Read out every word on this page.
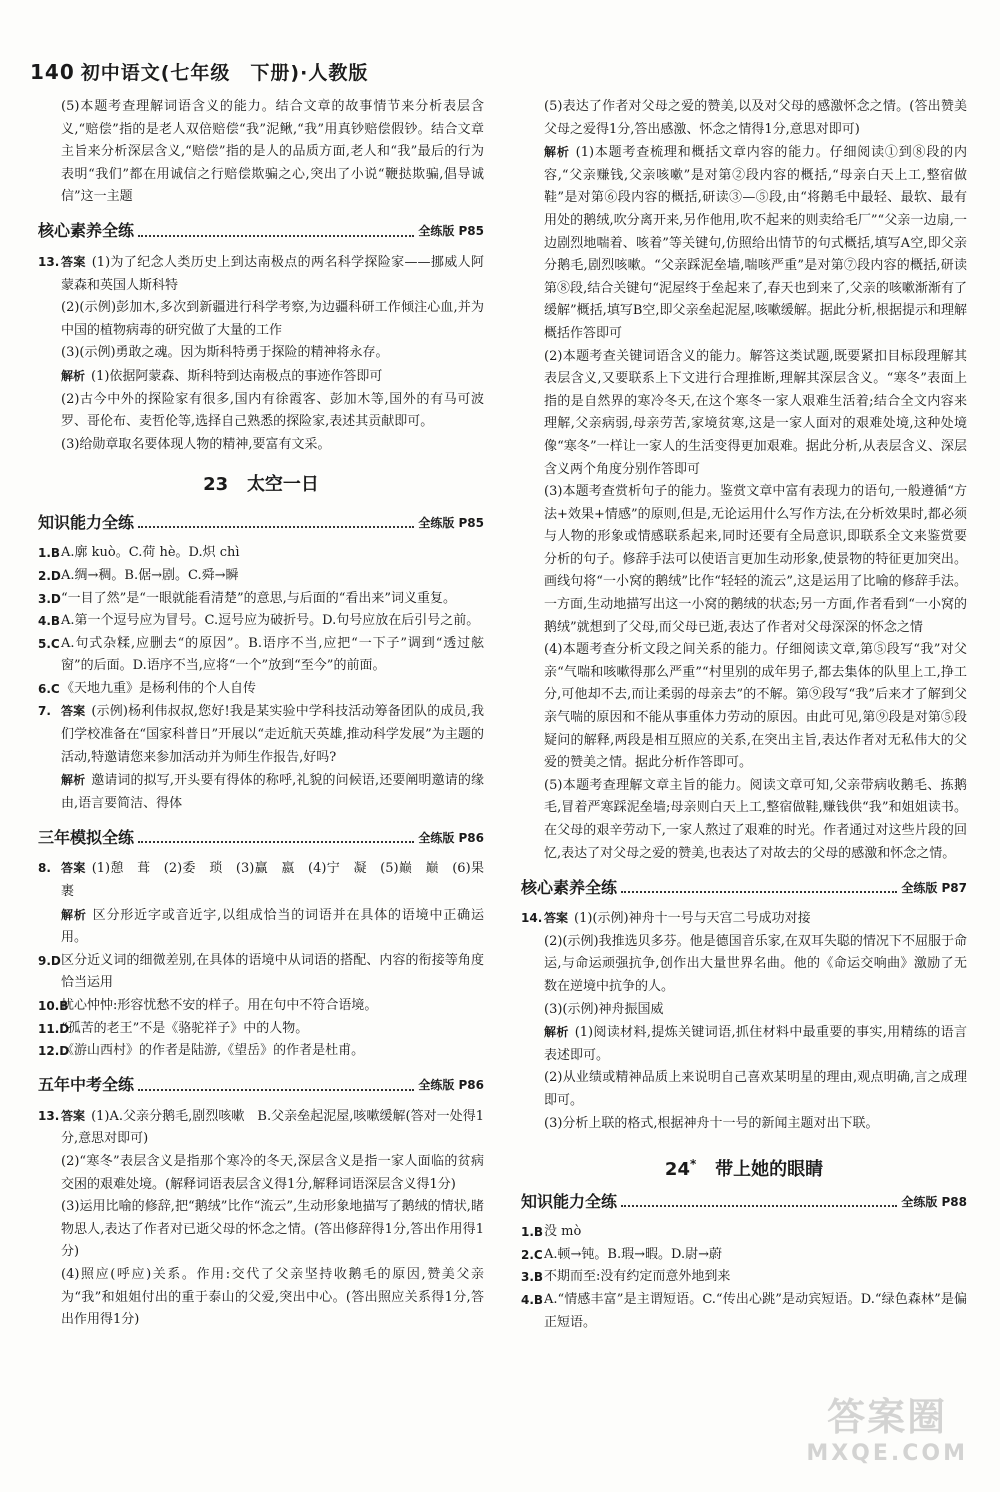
140 初中语文(七年级　下册)·人教版

(5)本题考查理解词语含义的能力。结合文章的故事情节来分析表层含义,“赔偿”指的是老人双倍赔偿“我”泥鳅,“我”用真钞赔偿假钞。结合文章主旨来分析深层含义,“赔偿”指的是人的品质方面,老人和“我”最后的行为表明“我们”都在用诚信之行赔偿欺骗之心,突出了小说“鞭挞欺骗,倡导诚信”这一主题

核心素养全练	全练版 P85
13. 答案 (1)为了纪念人类历史上到达南极点的两名科学探险家——挪威人阿蒙森和英国人斯科特

(2)(示例)彭加木,多次到新疆进行科学考察,为边疆科研工作倾注心血,并为中国的植物病毒的研究做了大量的工作

(3)(示例)勇敢之魂。因为斯科特勇于探险的精神将永存。

解析 (1)依据阿蒙森、斯科特到达南极点的事迹作答即可

(2)古今中外的探险家有很多,国内有徐霞客、彭加木等,国外的有马可波罗、哥伦布、麦哲伦等,选择自己熟悉的探险家,表述其贡献即可。

(3)给勋章取名要体现人物的精神,要富有文采。

23 太空一日
知识能力全练	全练版 P85
1.B A.廓 kuò。C.荷 hè。D.炽 chì
2.D A.绸→稠。B.倨→剧。C.舜→瞬
3.D “一目了然”是“一眼就能看清楚”的意思,与后面的“看出来”词义重复。
4.B A.第一个逗号应为冒号。C.逗号应为破折号。D.句号应放在后引号之前。
5.C A.句式杂糅,应删去“的原因”。B.语序不当,应把“一下子”调到“透过舷窗”的后面。D.语序不当,应将“一个”放到“至今”的前面。
6.C 《天地九重》是杨利伟的个人自传
7. 答案 (示例)杨利伟叔叔,您好!我是某实验中学科技活动筹备团队的成员,我们学校准备在“国家科普日”开展以“走近航天英雄,推动科学发展”为主题的活动,特邀请您来参加活动并为师生作报告,好吗?

解析 邀请词的拟写,开头要有得体的称呼,礼貌的问候语,还要阐明邀请的缘由,语言要简洁、得体

三年模拟全练	全练版 P86
8. 答案 (1)憩　葺　(2)委　琐　(3)赢　嬴　(4)宁　凝　(5)巅　巅　(6)果　裹

解析 区分形近字或音近字,以组成恰当的词语并在具体的语境中正确运用。

9.D 区分近义词的细微差别,在具体的语境中从词语的搭配、内容的衔接等角度恰当运用
10.B
忧心忡忡:形容忧愁不安的样子。用在句中不符合语境。
11.D
“孤苦的老王”不是《骆驼祥子》中的人物。
12.D
《游山西村》的作者是陆游,《望岳》的作者是杜甫。
五年中考全练	全练版 P86
13. 答案 (1)A.父亲分鹅毛,剧烈咳嗽　B.父亲垒起泥屋,咳嗽缓解(答对一处得1分,意思对即可)

(2)“寒冬”表层含义是指那个寒冷的冬天,深层含义是指一家人面临的贫病交困的艰难处境。(解释词语表层含义得1分,解释词语深层含义得1分)

(3)运用比喻的修辞,把“鹅绒”比作“流云”,生动形象地描写了鹅绒的情状,睹物思人,表达了作者对已逝父母的怀念之情。(答出修辞得1分,答出作用得1分)

(4)照应(呼应)关系。作用:交代了父亲坚持收鹅毛的原因,赞美父亲为“我”和姐姐付出的重于泰山的父爱,突出中心。(答出照应关系得1分,答出作用得1分)

(5)表达了作者对父母之爱的赞美,以及对父母的感激怀念之情。(答出赞美父母之爱得1分,答出感激、怀念之情得1分,意思对即可)

解析 (1)本题考查梳理和概括文章内容的能力。仔细阅读①到⑧段的内容,“父亲赚钱,父亲咳嗽”是对第②段内容的概括,“母亲白天上工,整宿做鞋”是对第⑥段内容的概括,研读③—⑤段,由“将鹅毛中最轻、最软、最有用处的鹅绒,吹分离开来,另作他用,吹不起来的则卖给毛厂”“父亲一边扇,一边剧烈地喘着、咳着”等关键句,仿照给出情节的句式概括,填写A空,即父亲分鹅毛,剧烈咳嗽。“父亲踩泥垒墙,喘咳严重”是对第⑦段内容的概括,研读第⑧段,结合关键句“泥屋终于垒起来了,春天也到来了,父亲的咳嗽渐渐有了缓解”概括,填写B空,即父亲垒起泥屋,咳嗽缓解。据此分析,根据提示和理解概括作答即可

(2)本题考查关键词语含义的能力。解答这类试题,既要紧扣目标段理解其表层含义,又要联系上下文进行合理推断,理解其深层含义。“寒冬”表面上指的是自然界的寒冷冬天,在这个寒冬一家人艰难生活着;结合全文内容来理解,父亲病弱,母亲劳苦,家境贫寒,这是一家人面对的艰难处境,这种处境像“寒冬”一样让一家人的生活变得更加艰难。据此分析,从表层含义、深层含义两个角度分别作答即可

(3)本题考查赏析句子的能力。鉴赏文章中富有表现力的语句,一般遵循“方法+效果+情感”的原则,但是,无论运用什么写作方法,在分析效果时,都必须与人物的形象或情感联系起来,同时还要有全局意识,即联系全文来鉴赏要分析的句子。修辞手法可以使语言更加生动形象,使景物的特征更加突出。画线句将“一小窝的鹅绒”比作“轻轻的流云”,这是运用了比喻的修辞手法。一方面,生动地描写出这一小窝的鹅绒的状态;另一方面,作者看到“一小窝的鹅绒”就想到了父母,而父母已逝,表达了作者对父母深深的怀念之情

(4)本题考查分析文段之间关系的能力。仔细阅读文章,第⑤段写“我”对父亲“气喘和咳嗽得那么严重”“村里别的成年男子,都去集体的队里上工,挣工分,可他却不去,而让柔弱的母亲去”的不解。第⑨段写“我”后来才了解到父亲气喘的原因和不能从事重体力劳动的原因。由此可见,第⑨段是对第⑤段疑问的解释,两段是相互照应的关系,在突出主旨,表达作者对无私伟大的父爱的赞美之情。据此分析作答即可。

(5)本题考查理解文章主旨的能力。阅读文章可知,父亲带病收鹅毛、拣鹅毛,冒着严寒踩泥垒墙;母亲则白天上工,整宿做鞋,赚钱供“我”和姐姐读书。在父母的艰辛劳动下,一家人熬过了艰难的时光。作者通过对这些片段的回忆,表达了对父母之爱的赞美,也表达了对故去的父母的感激和怀念之情。

核心素养全练	全练版 P87
14. 答案 (1)(示例)神舟十一号与天宫二号成功对接

(2)(示例)我推选贝多芬。他是德国音乐家,在双耳失聪的情况下不屈服于命运,与命运顽强抗争,创作出大量世界名曲。他的《命运交响曲》激励了无数在逆境中抗争的人。

(3)(示例)神舟振国威

解析 (1)阅读材料,提炼关键词语,抓住材料中最重要的事实,用精练的语言表述即可。

(2)从业绩或精神品质上来说明自己喜欢某明星的理由,观点明确,言之成理即可。

(3)分析上联的格式,根据神舟十一号的新闻主题对出下联。

24* 带上她的眼睛
知识能力全练	全练版 P88
1.B 没 mò
2.C A.顿→钝。B.瑕→暇。D.尉→蔚
3.B 不期而至:没有约定而意外地到来
4.B A.“情感丰富”是主谓短语。C.“传出心跳”是动宾短语。D.“绿色森林”是偏正短语。
答案圈
MXQE.COM
